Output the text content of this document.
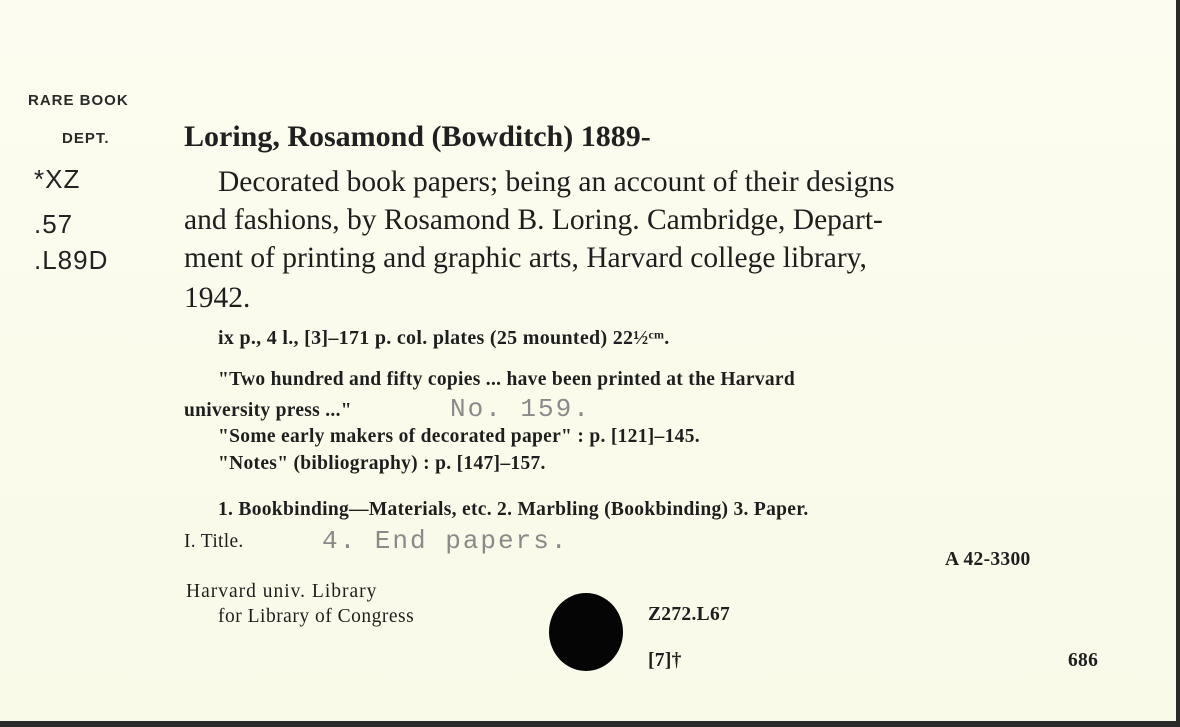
RARE BOOK
DEPT.
*XZ
.57
.L89D
Loring, Rosamond (Bowditch) 1889-
Decorated book papers; being an account of their designs
and fashions, by Rosamond B. Loring. Cambridge, Depart-
ment of printing and graphic arts, Harvard college library,
1942.
ix p., 4 l., [3]–171 p. col. plates (25 mounted) 22½ᶜᵐ.
"Two hundred and fifty copies ... have been printed at the Harvard
university press ..."	No. 159.
"Some early makers of decorated paper" : p. [121]–145.
"Notes" (bibliography) : p. [147]–157.
1. Bookbinding—Materials, etc. 2. Marbling (Bookbinding) 3. Paper.
I. Title.	4. End papers.
A 42-3300
Harvard univ. Library
for Library of Congress	Z272.L67
[7]†	686
